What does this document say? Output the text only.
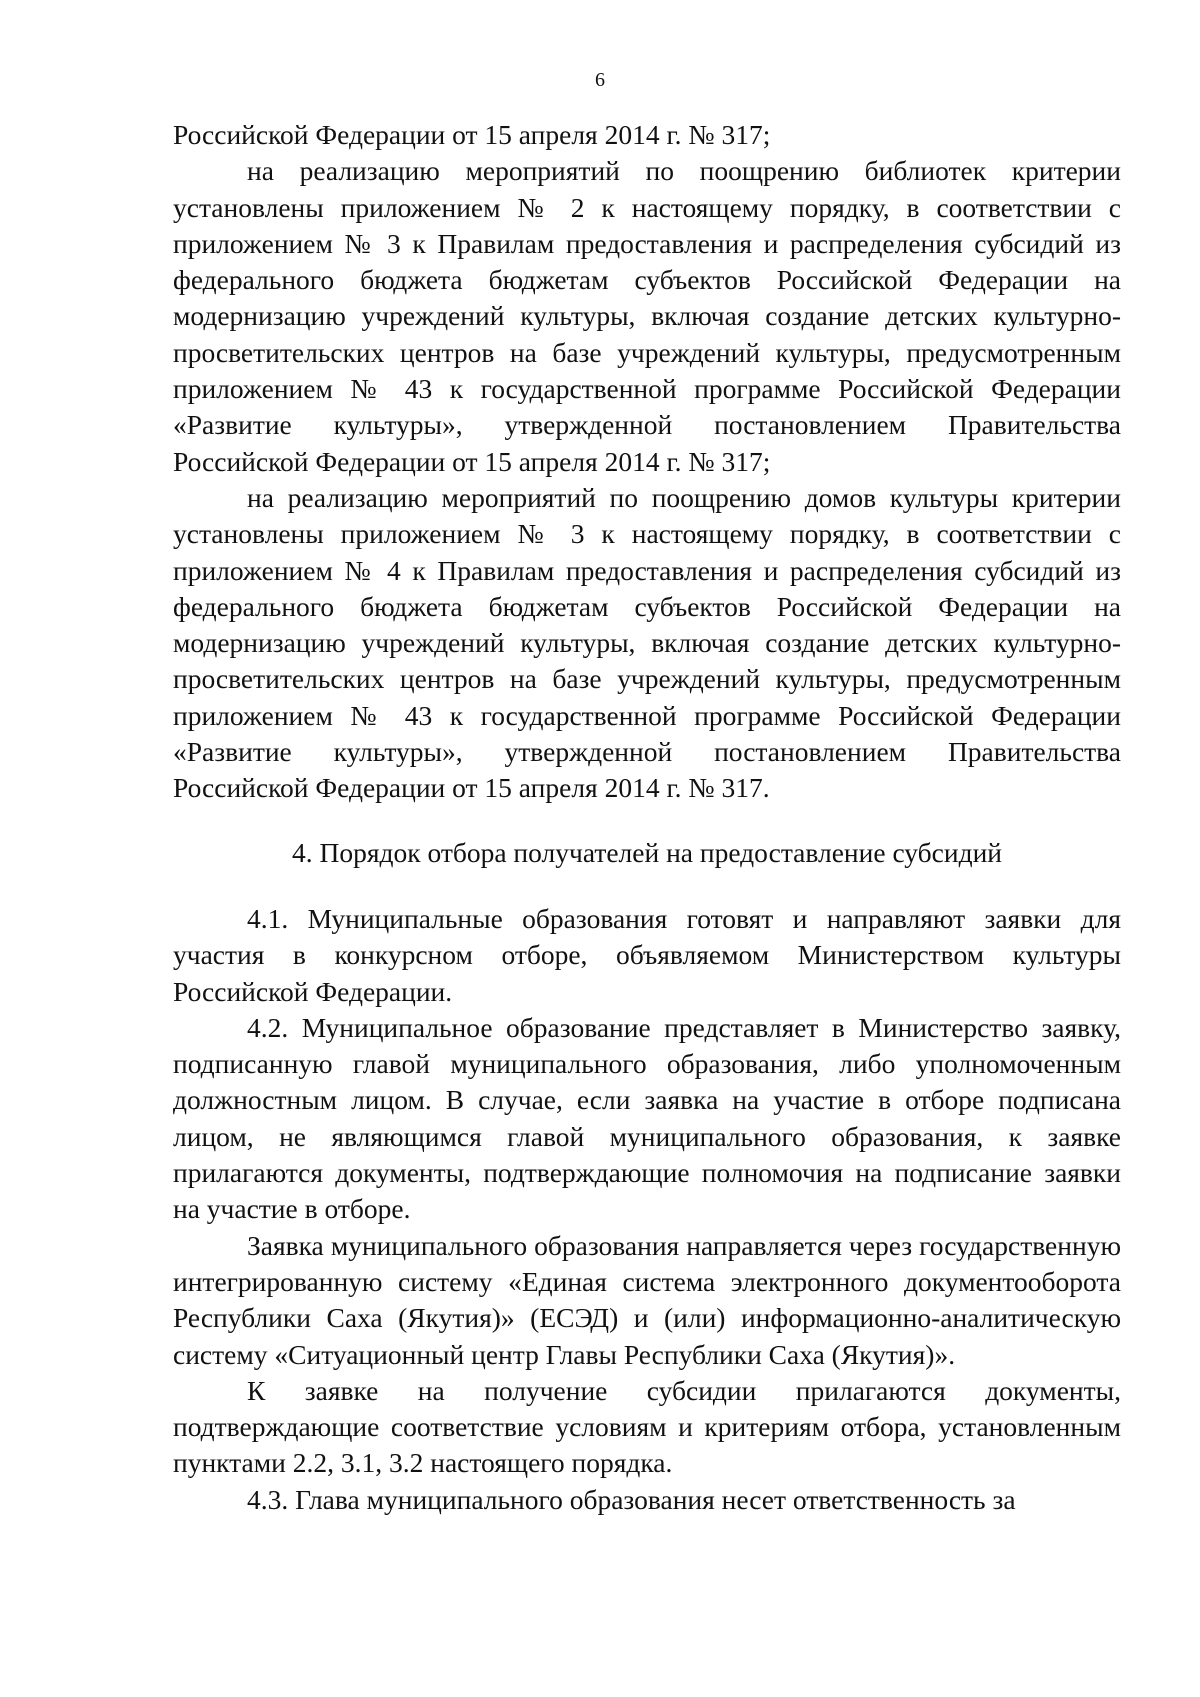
6

Российской Федерации от 15 апреля 2014 г. № 317;

на реализацию мероприятий по поощрению библиотек критерии установлены приложением № 2 к настоящему порядку, в соответствии с приложением № 3 к Правилам предоставления и распределения субсидий из федерального бюджета бюджетам субъектов Российской Федерации на модернизацию учреждений культуры, включая создание детских культурно-просветительских центров на базе учреждений культуры, предусмотренным приложением № 43 к государственной программе Российской Федерации «Развитие культуры», утвержденной постановлением Правительства Российской Федерации от 15 апреля 2014 г. № 317;

на реализацию мероприятий по поощрению домов культуры критерии установлены приложением № 3 к настоящему порядку, в соответствии с приложением № 4 к Правилам предоставления и распределения субсидий из федерального бюджета бюджетам субъектов Российской Федерации на модернизацию учреждений культуры, включая создание детских культурно-просветительских центров на базе учреждений культуры, предусмотренным приложением № 43 к государственной программе Российской Федерации «Развитие культуры», утвержденной постановлением Правительства Российской Федерации от 15 апреля 2014 г. № 317.

4. Порядок отбора получателей на предоставление субсидий

4.1. Муниципальные образования готовят и направляют заявки для участия в конкурсном отборе, объявляемом Министерством культуры Российской Федерации.

4.2. Муниципальное образование представляет в Министерство заявку, подписанную главой муниципального образования, либо уполномоченным должностным лицом. В случае, если заявка на участие в отборе подписана лицом, не являющимся главой муниципального образования, к заявке прилагаются документы, подтверждающие полномочия на подписание заявки на участие в отборе.

Заявка муниципального образования направляется через государственную интегрированную систему «Единая система электронного документооборота Республики Саха (Якутия)» (ЕСЭД) и (или) информационно-аналитическую систему «Ситуационный центр Главы Республики Саха (Якутия)».

К заявке на получение субсидии прилагаются документы, подтверждающие соответствие условиям и критериям отбора, установленным пунктами 2.2, 3.1, 3.2 настоящего порядка.

4.3. Глава муниципального образования несет ответственность за
